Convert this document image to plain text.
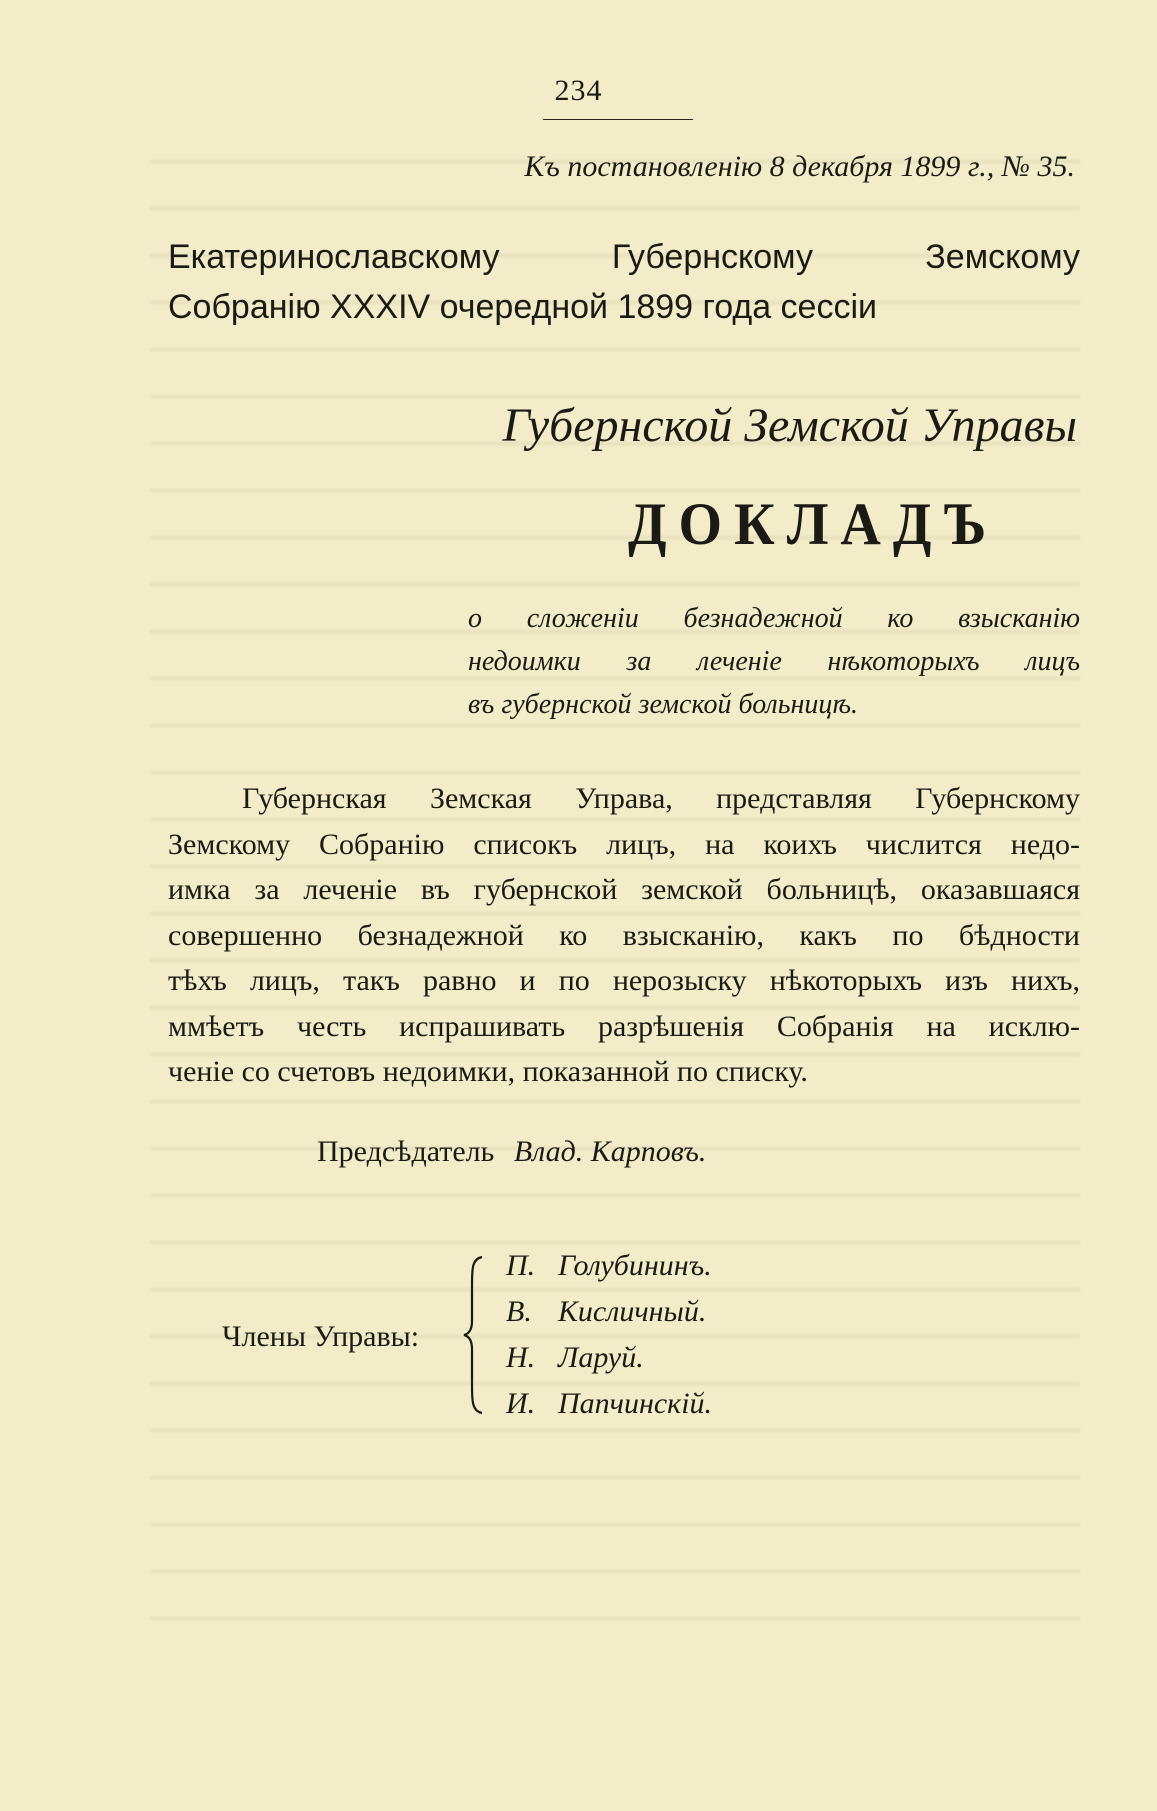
234
Къ постановленію 8 декабря 1899 г., № 35.
Екатеринославскому Губернскому Земскому
Собранію XXXIV очередной 1899 года сессіи
Губернской Земской Управы
ДОКЛАДЪ
о сложеніи безнадежной ко взысканію
недоимки за леченіе нѣкоторыхъ лицъ
въ губернской земской больницѣ.
Губернская Земская Управа, представляя Губернскому
Земскому Собранію списокъ лицъ, на коихъ числится недо-
имка за леченіе въ губернской земской больницѣ, оказавшаяся
совершенно безнадежной ко взысканію, какъ по бѣдности
тѣхъ лицъ, такъ равно и по нерозыску нѣкоторыхъ изъ нихъ,
ммѣетъ честь испрашивать разрѣшенія Собранія на исклю-
ченіе со счетовъ недоимки, показанной по списку.
Предсѣдатель Влад. Карповъ.
Члены Управы:
П. Голубининъ.
В. Кисличный.
Н. Ларуй.
И. Папчинскій.
